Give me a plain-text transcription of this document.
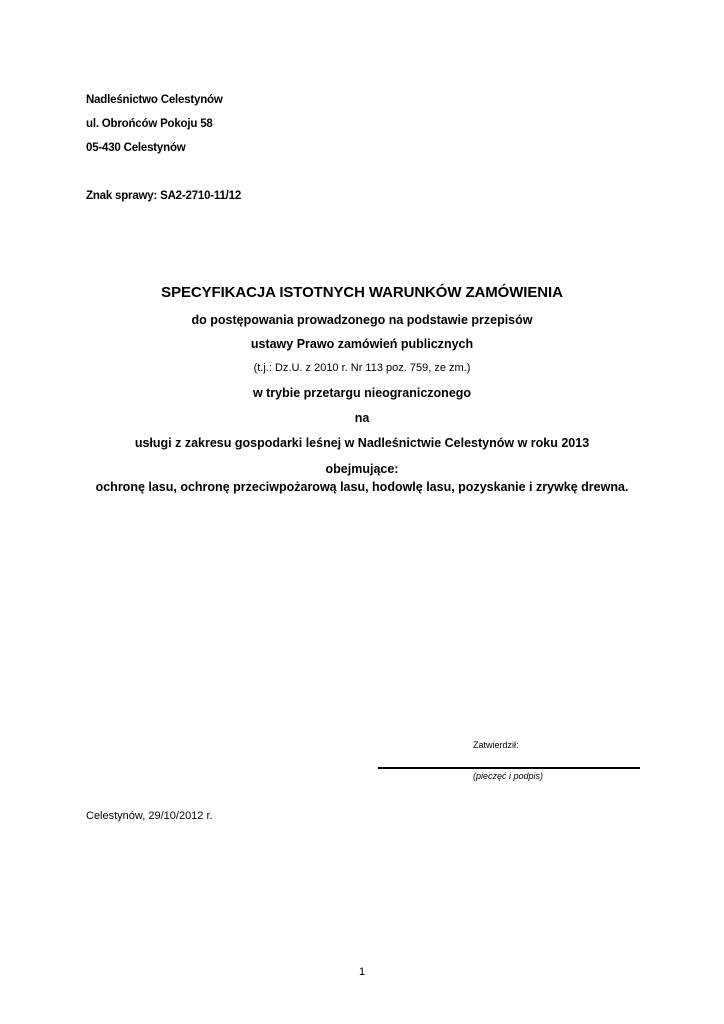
Nadleśnictwo Celestynów
ul. Obrońców Pokoju 58
05-430 Celestynów
Znak sprawy: SA2-2710-11/12
SPECYFIKACJA ISTOTNYCH WARUNKÓW ZAMÓWIENIA
do postępowania prowadzonego na podstawie przepisów
ustawy Prawo zamówień publicznych
(t.j.: Dz.U. z 2010 r. Nr 113 poz. 759, ze zm.)
w trybie przetargu nieograniczonego
na
usługi z zakresu gospodarki leśnej w Nadleśnictwie Celestynów w roku 2013
obejmujące:
ochronę lasu, ochronę przeciwpożarową lasu, hodowlę lasu, pozyskanie i zrywkę drewna.
Zatwierdził:
(pieczęć i podpis)
Celestynów, 29/10/2012 r.
1
